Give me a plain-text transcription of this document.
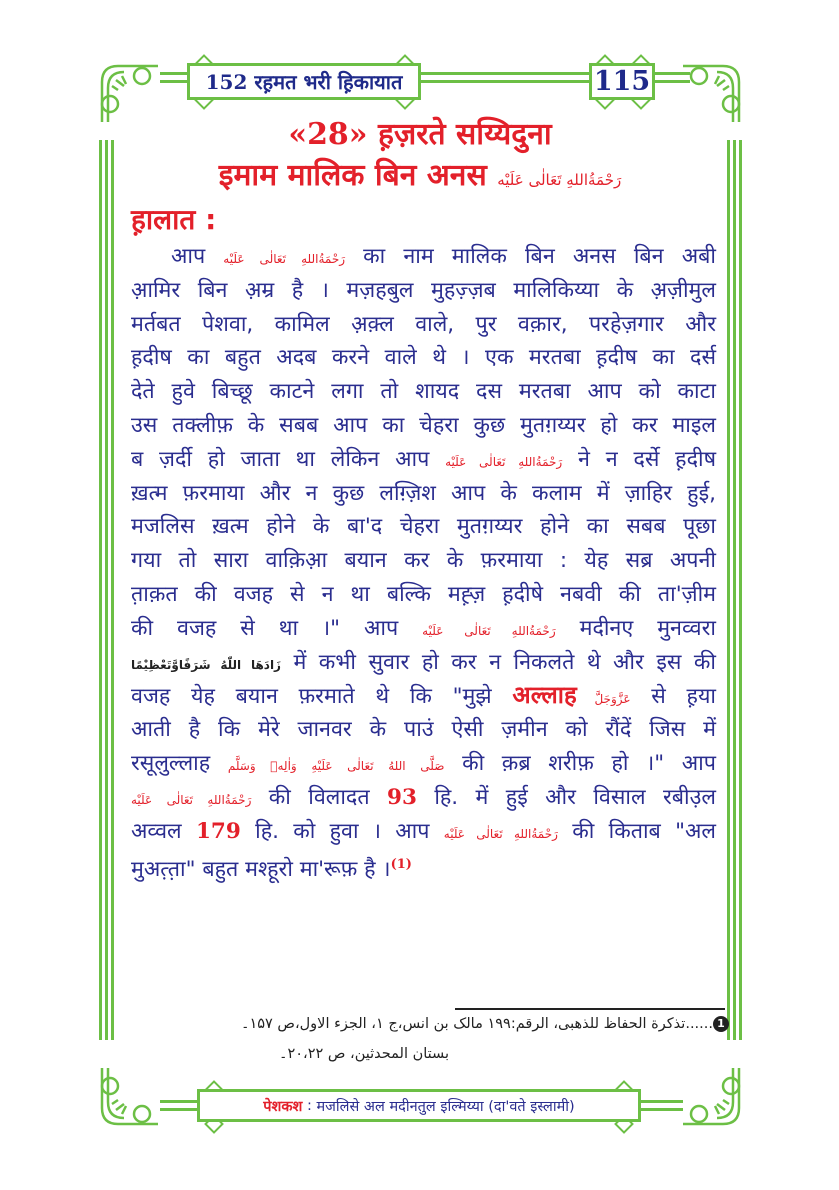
152 रह़मत भरी ह़िकायात	115
«28» ह़ज़रते सय्यिदुना
इमाम मालिक बिन अनस رَحْمَةُاللهِ تَعَالٰی عَلَيْه
ह़ालात :
आप رَحْمَةُاللهِ تَعَالٰی عَلَيْه का नाम मालिक बिन अनस बिन अबी
आ़मिर बिन अ़म्र है । मज़हबुल मुहज़्ज़ब मालिकिय्या के अ़ज़ीमुल
मर्तबत पेशवा, कामिल अ़क़्ल वाले, पुर वक़ार, परहेज़गार और
ह़दीष का बहुत अदब करने वाले थे । एक मरतबा ह़दीष का दर्स
देते हुवे बिच्छू काटने लगा तो शायद दस मरतबा आप को काटा
उस तक्लीफ़ के सबब आप का चेहरा कुछ मुतग़य्यर हो कर माइल
ब ज़र्दी हो जाता था लेकिन आप رَحْمَةُاللهِ تَعَالٰی عَلَيْه ने न दर्से ह़दीष
ख़त्म फ़रमाया और न कुछ लग़्ज़िश आप के कलाम में ज़ाहिर हुई,
मजलिस ख़त्म होने के बा'द चेहरा मुतग़य्यर होने का सबब पूछा
गया तो सारा वाक़िआ़ बयान कर के फ़रमाया : येह सब्र अपनी
त़ाक़त की वजह से न था बल्कि मह़्ज़ ह़दीषे नबवी की ता'ज़ीम
की वजह से था ।" आप رَحْمَةُاللهِ تَعَالٰی عَلَيْه मदीनए मुनव्वरा
زَادَهَا اللّٰهُ شَرَفًاوَّتَعْظِيْمًا में कभी सुवार हो कर न निकलते थे और इस की
वजह येह बयान फ़रमाते थे कि "मुझे अल्लाह عَزَّوَجَلَّ से ह़या
आती है कि मेरे जानवर के पाउं ऐसी ज़मीन को रौंदें जिस में
रसूलुल्लाह صَلَّى اللهُ تَعَالٰی عَلَيْهِ وَاٰلِهٖ وَسَلَّم की क़ब्र शरीफ़ हो ।" आप
رَحْمَةُاللهِ تَعَالٰی عَلَيْه की विलादत 93 हि. में हुई और विसाल रबीउ़ल
अव्वल 179 हि. को हुवा । आप رَحْمَةُاللهِ تَعَالٰی عَلَيْه की किताब "अल
मुअत़्त़ा" बहुत मश्हूरो मा'रूफ़ है ।$^{(1)}$
1......تذكرة الحفاظ للذهبی، الرقم:۱۹۹ مالک بن انس،ج ۱، الجزء الاول،ص ۱۵۷۔
بستان المحدثین، ص ۲۰،۲۲۔
पेशकश : मजलिसे अल मदीनतुल इल्मिय्या (दा'वते इस्लामी)
